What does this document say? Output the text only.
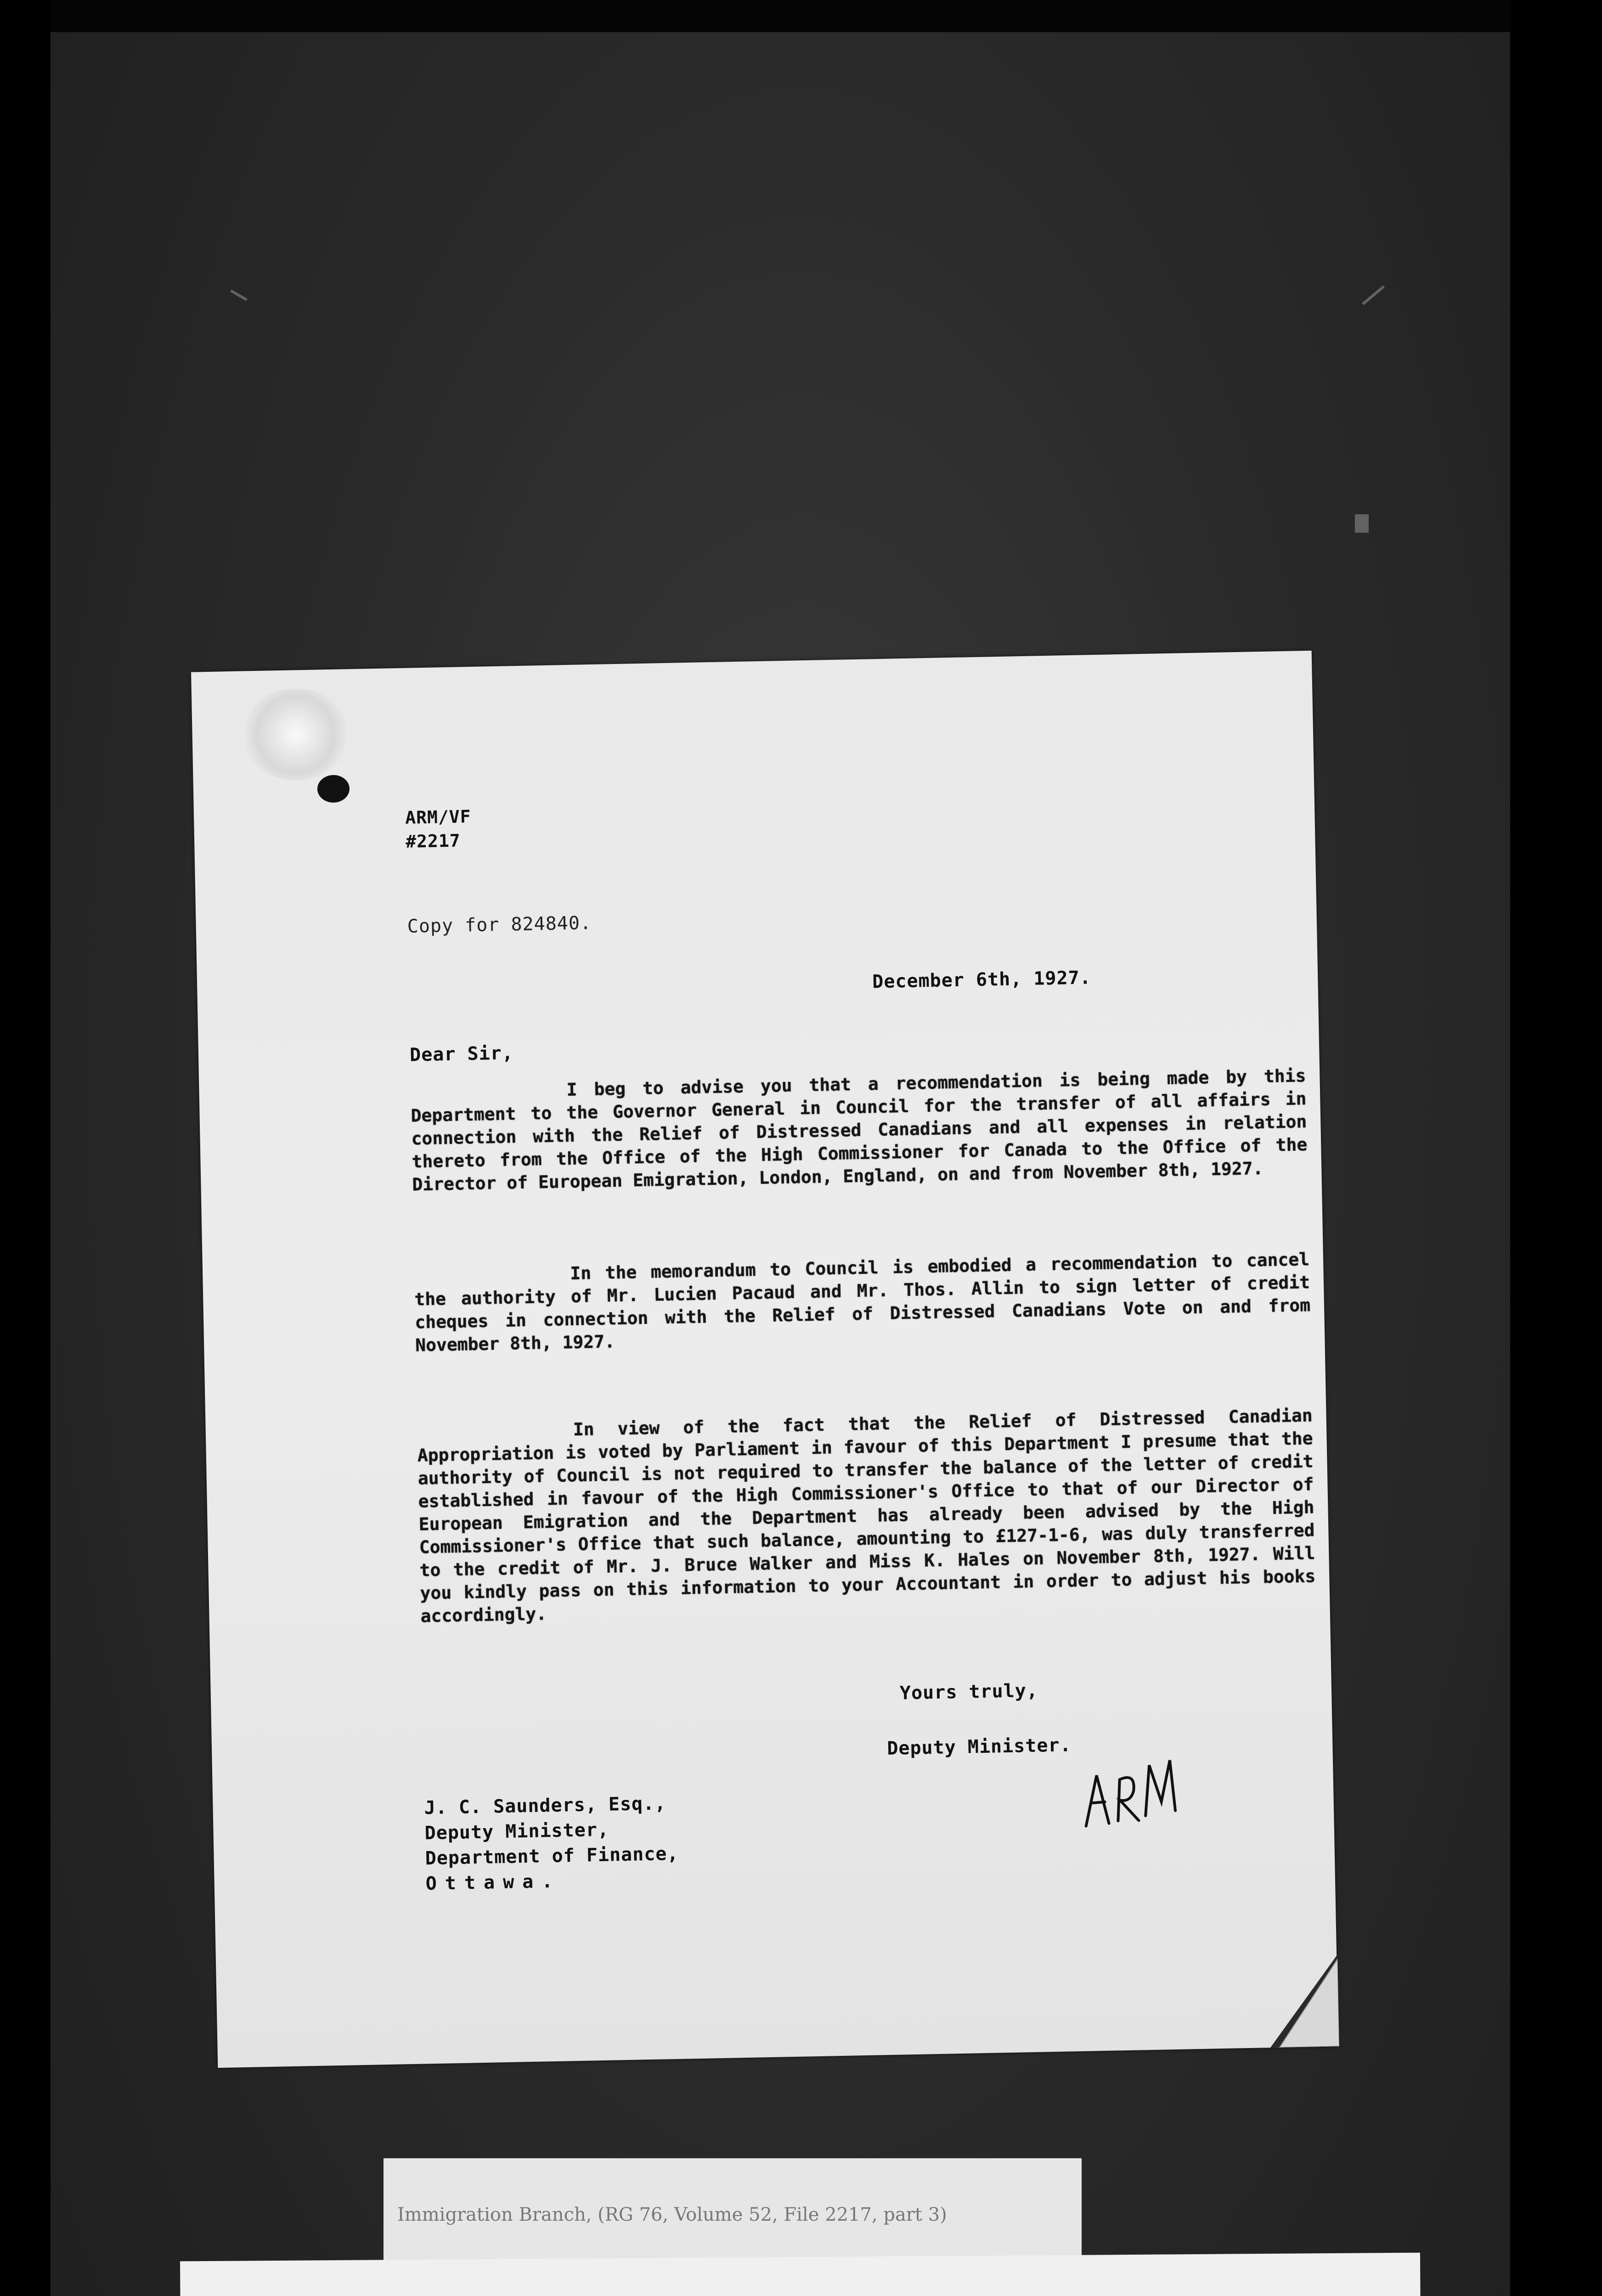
ARM/VF
#2217
Copy for 824840.
December 6th, 1927.
Dear Sir,
I beg to advise you that a recommendation is being made by this Department to the Governor General in Council for the transfer of all affairs in connection with the Relief of Distressed Canadians and all expenses in relation thereto from the Office of the High Commissioner for Canada to the Office of the Director of European Emigration, London, England, on and from November 8th, 1927.
In the memorandum to Council is embodied a recommendation to cancel the authority of Mr. Lucien Pacaud and Mr. Thos. Allin to sign letter of credit cheques in connection with the Relief of Distressed Canadians Vote on and from November 8th, 1927.
In view of the fact that the Relief of Distressed Canadian Appropriation is voted by Parliament in favour of this Department I presume that the authority of Council is not required to transfer the balance of the letter of credit established in favour of the High Commissioner's Office to that of our Director of European Emigration and the Department has already been advised by the High Commissioner's Office that such balance, amounting to £127-1-6, was duly transferred to the credit of Mr. J. Bruce Walker and Miss K. Hales on November 8th, 1927. Will you kindly pass on this information to your Accountant in order to adjust his books accordingly.
Yours truly,
Deputy Minister.
J. C. Saunders, Esq.,
Deputy Minister,
Department of Finance,
Ottawa.
Immigration Branch, (RG 76, Volume 52, File 2217, part 3)
